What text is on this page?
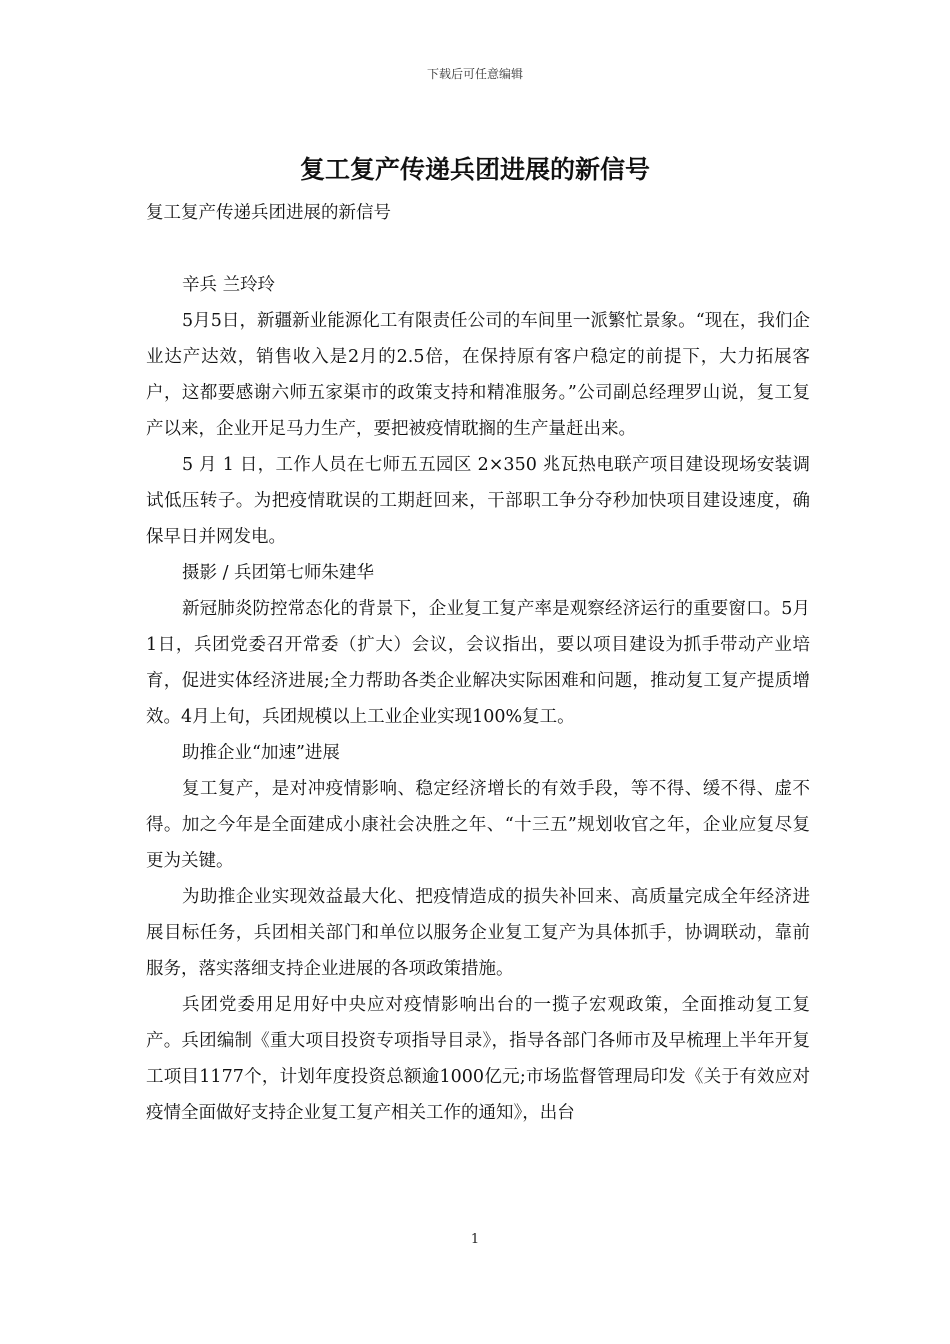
下载后可任意编辑
复工复产传递兵团进展的新信号

复工复产传递兵团进展的新信号

辛兵 兰玲玲

5月5日，新疆新业能源化工有限责任公司的车间里一派繁忙景象。“现在，我们企业达产达效，销售收入是2月的2.5倍，在保持原有客户稳定的前提下，大力拓展客户，这都要感谢六师五家渠市的政策支持和精准服务。”公司副总经理罗山说，复工复产以来，企业开足马力生产，要把被疫情耽搁的生产量赶出来。

5 月 1 日，工作人员在七师五五园区 2×350 兆瓦热电联产项目建设现场安装调试低压转子。为把疫情耽误的工期赶回来，干部职工争分夺秒加快项目建设速度，确保早日并网发电。

摄影 / 兵团第七师朱建华

新冠肺炎防控常态化的背景下，企业复工复产率是观察经济运行的重要窗口。5月1日，兵团党委召开常委（扩大）会议，会议指出，要以项目建设为抓手带动产业培育，促进实体经济进展;全力帮助各类企业解决实际困难和问题，推动复工复产提质增效。4月上旬，兵团规模以上工业企业实现100%复工。

助推企业“加速”进展

复工复产，是对冲疫情影响、稳定经济增长的有效手段，等不得、缓不得、虚不得。加之今年是全面建成小康社会决胜之年、“十三五”规划收官之年，企业应复尽复更为关键。

为助推企业实现效益最大化、把疫情造成的损失补回来、高质量完成全年经济进展目标任务，兵团相关部门和单位以服务企业复工复产为具体抓手，协调联动，靠前服务，落实落细支持企业进展的各项政策措施。

兵团党委用足用好中央应对疫情影响出台的一揽子宏观政策，全面推动复工复产。兵团编制《重大项目投资专项指导目录》，指导各部门各师市及早梳理上半年开复工项目1177个，计划年度投资总额逾1000亿元;市场监督管理局印发《关于有效应对疫情全面做好支持企业复工复产相关工作的通知》，出台

1
